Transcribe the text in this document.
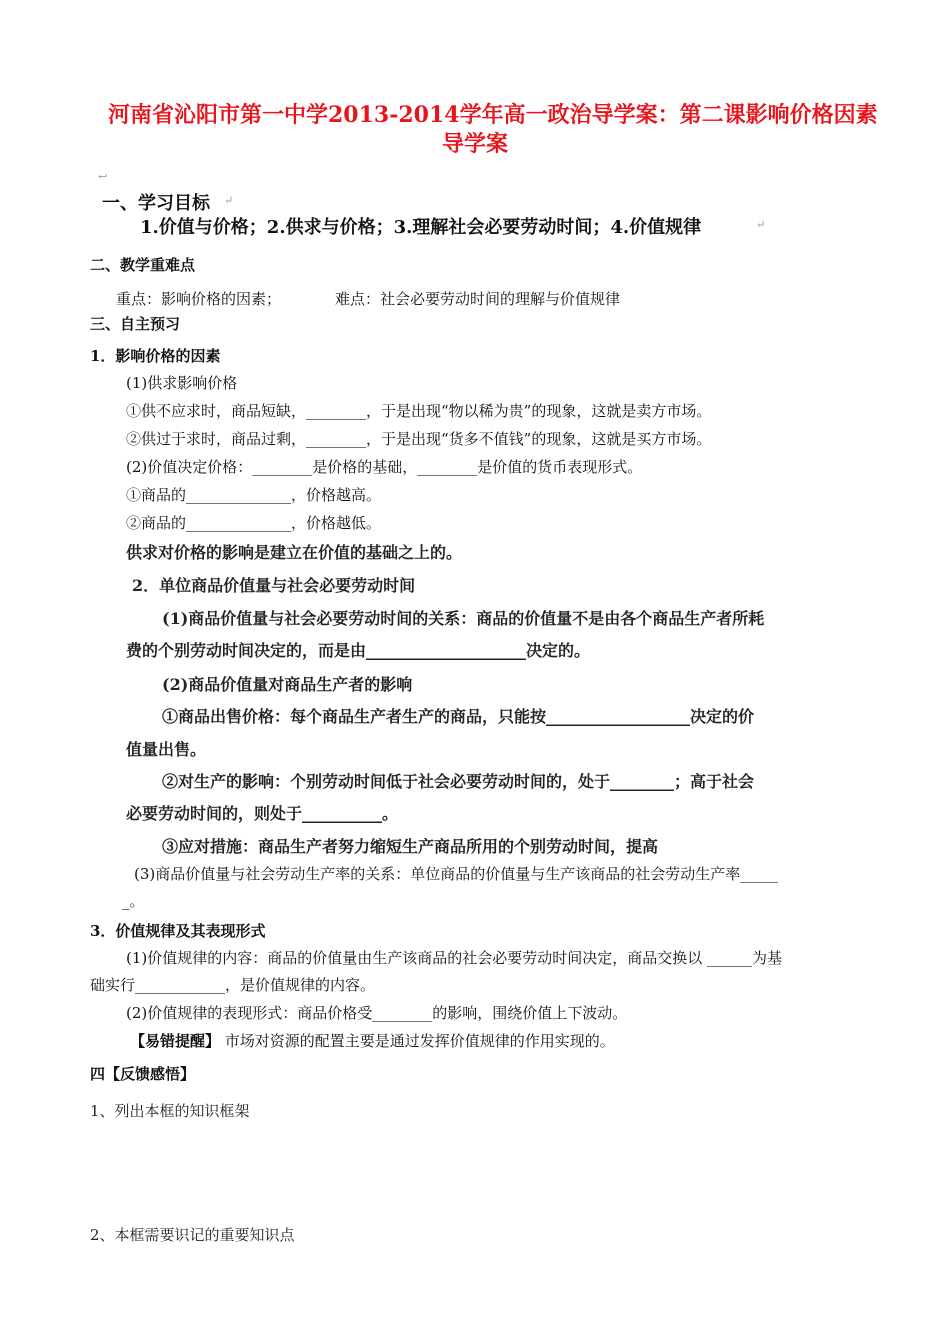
河南省沁阳市第一中学2013-2014学年高一政治导学案：第二课影响价格因素
导学案
↩
一、学习目标 ↵
1.价值与价格；2.供求与价格；3.理解社会必要劳动时间；4.价值规律	↵
二、教学重难点
重点：影响价格的因素；	难点：社会必要劳动时间的理解与价值规律
三、自主预习
1．影响价格的因素
(1)供求影响价格
①供不应求时，商品短缺，________，于是出现“物以稀为贵”的现象，这就是卖方市场。
②供过于求时，商品过剩，________，于是出现“货多不值钱”的现象，这就是买方市场。
(2)价值决定价格：________是价格的基础，________是价值的货币表现形式。
①商品的______________，价格越高。
②商品的______________，价格越低。
供求对价格的影响是建立在价值的基础之上的。
2．单位商品价值量与社会必要劳动时间
(1)商品价值量与社会必要劳动时间的关系：商品的价值量不是由各个商品生产者所耗
费的个别劳动时间决定的，而是由____________________决定的。
(2)商品价值量对商品生产者的影响
①商品出售价格：每个商品生产者生产的商品，只能按__________________决定的价
值量出售。
②对生产的影响：个别劳动时间低于社会必要劳动时间的，处于________；高于社会
必要劳动时间的，则处于__________。
③应对措施：商品生产者努力缩短生产商品所用的个别劳动时间，提高
(3)商品价值量与社会劳动生产率的关系：单位商品的价值量与生产该商品的社会劳动生产率_____
_。
3．价值规律及其表现形式
(1)价值规律的内容：商品的价值量由生产该商品的社会必要劳动时间决定，商品交换以 ______为基
础实行____________，是价值规律的内容。
(2)价值规律的表现形式：商品价格受________的影响，围绕价值上下波动。
【易错提醒】 市场对资源的配置主要是通过发挥价值规律的作用实现的。
四【反馈感悟】
1、列出本框的知识框架
2、本框需要识记的重要知识点
